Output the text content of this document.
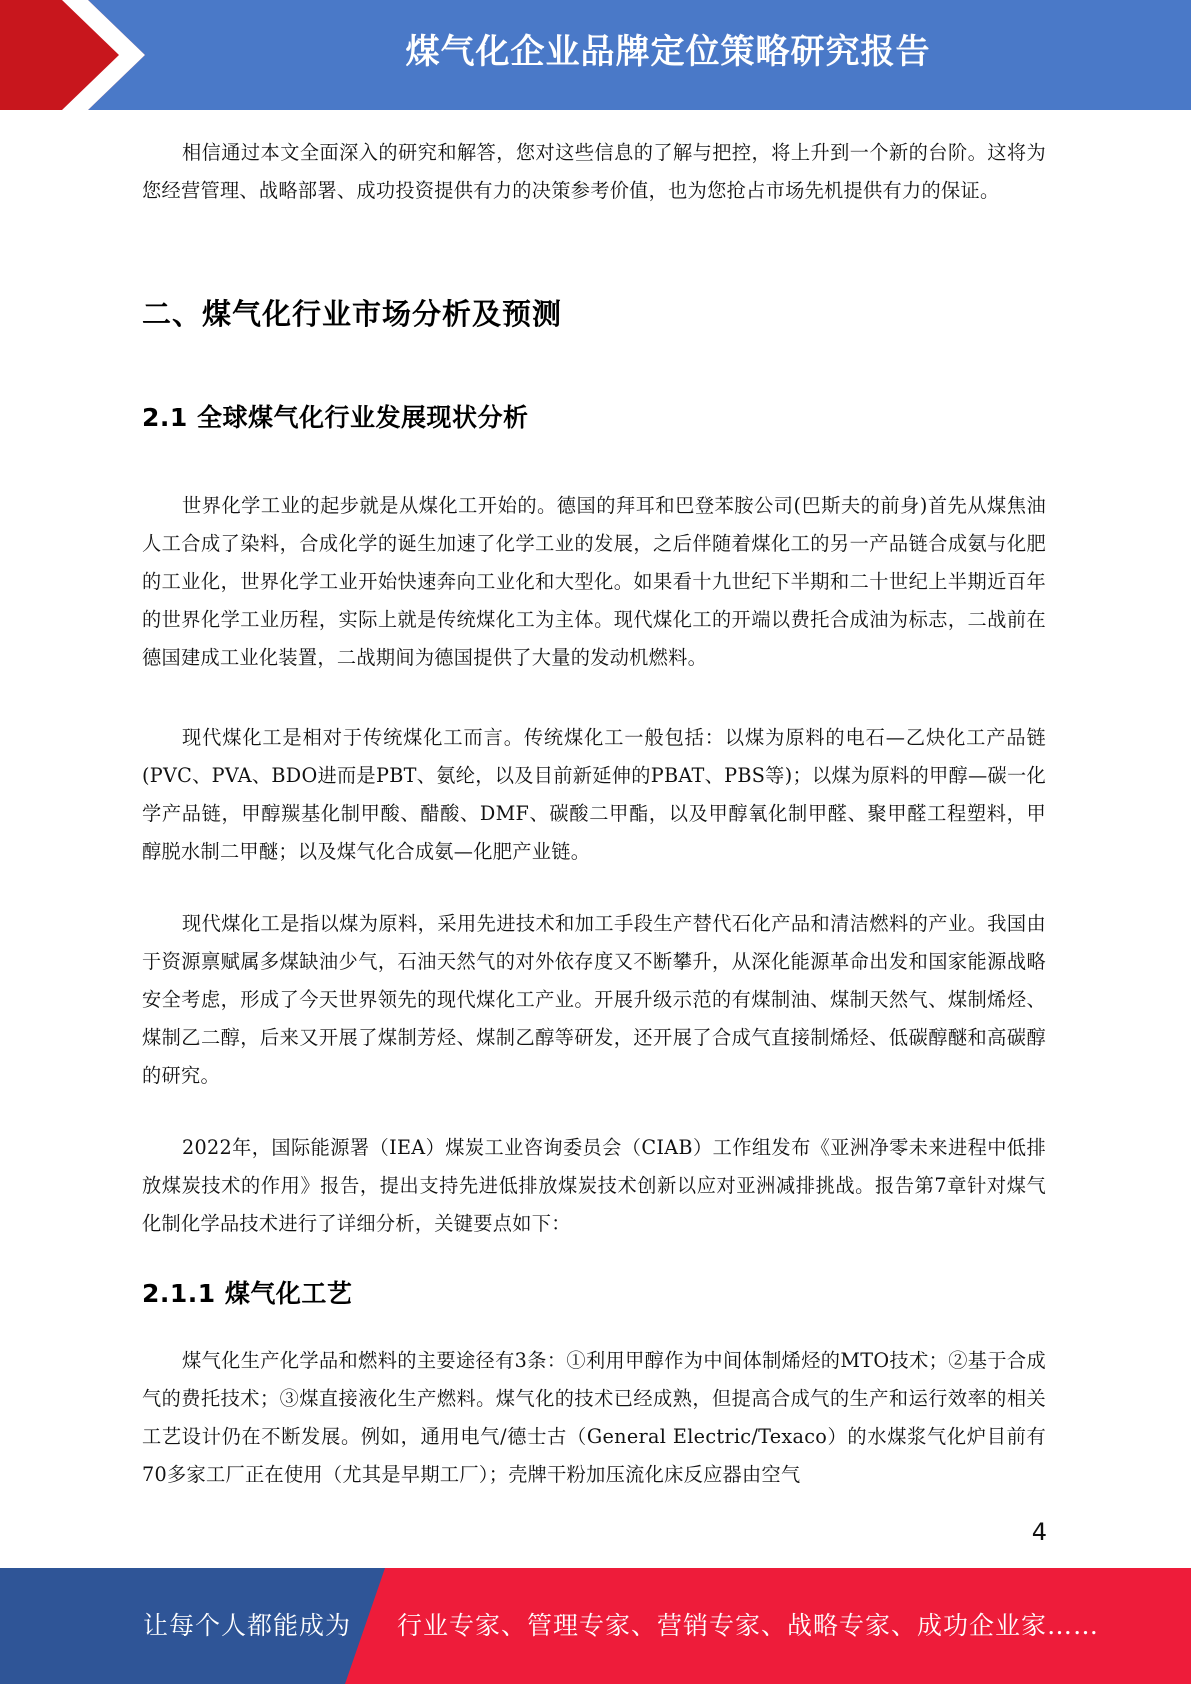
煤气化企业品牌定位策略研究报告

相信通过本文全面深入的研究和解答，您对这些信息的了解与把控，将上升到一个新的台阶。这将为您经营管理、战略部署、成功投资提供有力的决策参考价值，也为您抢占市场先机提供有力的保证。

二、煤气化行业市场分析及预测
2.1 全球煤气化行业发展现状分析

世界化学工业的起步就是从煤化工开始的。德国的拜耳和巴登苯胺公司(巴斯夫的前身)首先从煤焦油人工合成了染料，合成化学的诞生加速了化学工业的发展，之后伴随着煤化工的另一产品链合成氨与化肥的工业化，世界化学工业开始快速奔向工业化和大型化。如果看十九世纪下半期和二十世纪上半期近百年的世界化学工业历程，实际上就是传统煤化工为主体。现代煤化工的开端以费托合成油为标志，二战前在德国建成工业化装置，二战期间为德国提供了大量的发动机燃料。

现代煤化工是相对于传统煤化工而言。传统煤化工一般包括：以煤为原料的电石—乙炔化工产品链(PVC、PVA、BDO进而是PBT、氨纶，以及目前新延伸的PBAT、PBS等)；以煤为原料的甲醇—碳一化学产品链，甲醇羰基化制甲酸、醋酸、DMF、碳酸二甲酯，以及甲醇氧化制甲醛、聚甲醛工程塑料，甲醇脱水制二甲醚；以及煤气化合成氨—化肥产业链。

现代煤化工是指以煤为原料，采用先进技术和加工手段生产替代石化产品和清洁燃料的产业。我国由于资源禀赋属多煤缺油少气，石油天然气的对外依存度又不断攀升，从深化能源革命出发和国家能源战略安全考虑，形成了今天世界领先的现代煤化工产业。开展升级示范的有煤制油、煤制天然气、煤制烯烃、煤制乙二醇，后来又开展了煤制芳烃、煤制乙醇等研发，还开展了合成气直接制烯烃、低碳醇醚和高碳醇的研究。

2022年，国际能源署（IEA）煤炭工业咨询委员会（CIAB）工作组发布《亚洲净零未来进程中低排放煤炭技术的作用》报告，提出支持先进低排放煤炭技术创新以应对亚洲减排挑战。报告第7章针对煤气化制化学品技术进行了详细分析，关键要点如下：

2.1.1 煤气化工艺

煤气化生产化学品和燃料的主要途径有3条：①利用甲醇作为中间体制烯烃的MTO技术；②基于合成气的费托技术；③煤直接液化生产燃料。煤气化的技术已经成熟，但提高合成气的生产和运行效率的相关工艺设计仍在不断发展。例如，通用电气/德士古（General Electric/Texaco）的水煤浆气化炉目前有70多家工厂正在使用（尤其是早期工厂）；壳牌干粉加压流化床反应器由空气

4
让每个人都能成为 行业专家、管理专家、营销专家、战略专家、成功企业家……
